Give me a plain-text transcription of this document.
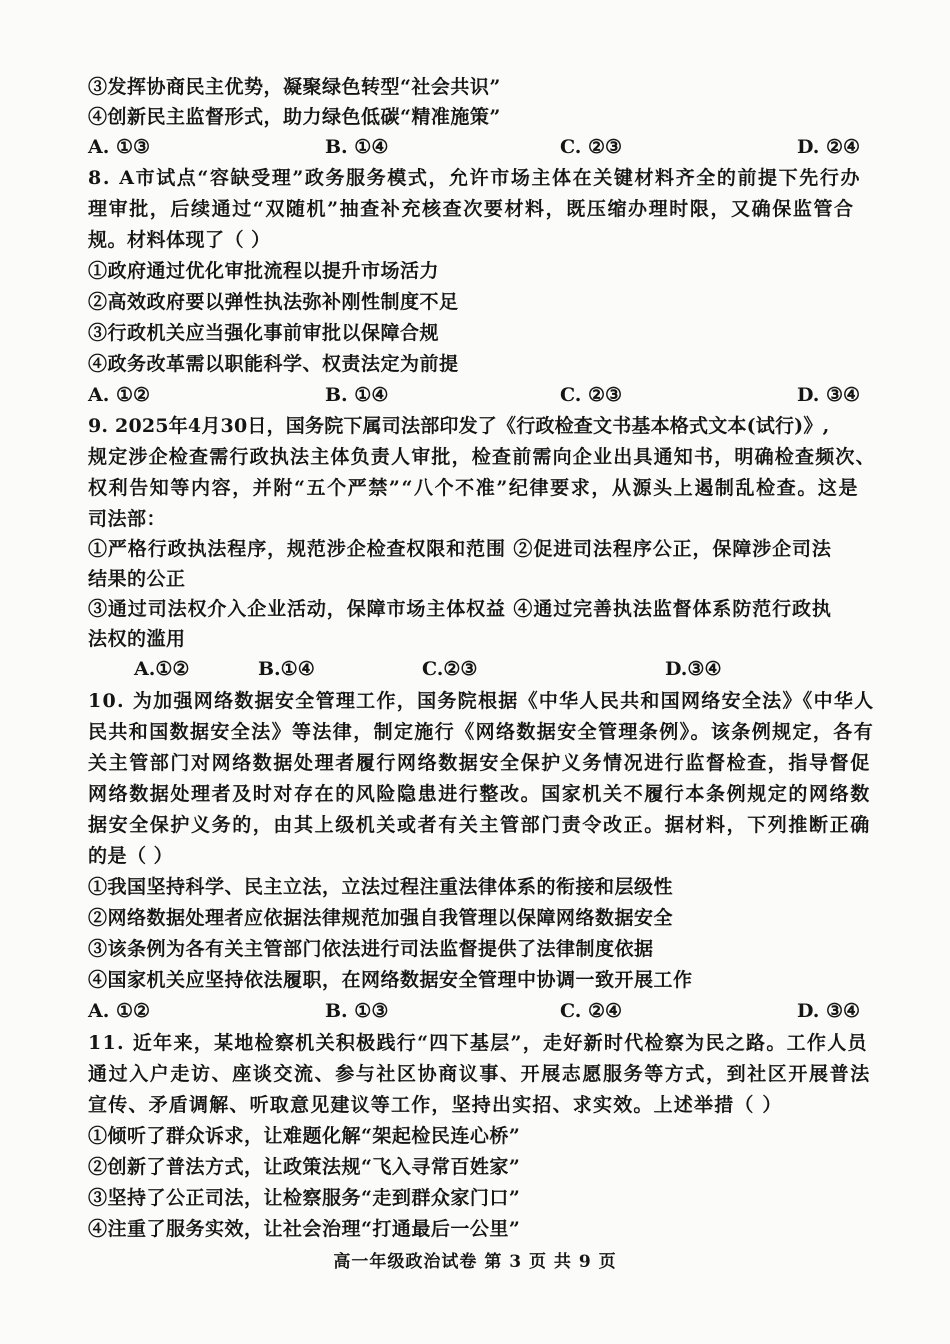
③发挥协商民主优势，凝聚绿色转型“社会共识”
④创新民主监督形式，助力绿色低碳“精准施策”
A. ①③	B. ①④	C. ②③	D. ②④
8. A市试点“容缺受理”政务服务模式，允许市场主体在关键材料齐全的前提下先行办
理审批，后续通过“双随机”抽查补充核查次要材料，既压缩办理时限，又确保监管合
规。材料体现了（ ）
①政府通过优化审批流程以提升市场活力
②高效政府要以弹性执法弥补刚性制度不足
③行政机关应当强化事前审批以保障合规
④政务改革需以职能科学、权责法定为前提
A. ①②	B. ①④	C. ②③	D. ③④
9. 2025年4月30日，国务院下属司法部印发了《行政检查文书基本格式文本(试行)》,
规定涉企检查需行政执法主体负责人审批，检查前需向企业出具通知书，明确检查频次、
权利告知等内容，并附“五个严禁”“八个不准”纪律要求，从源头上遏制乱检查。这是
司法部：
①严格行政执法程序，规范涉企检查权限和范围 ②促进司法程序公正，保障涉企司法
结果的公正
③通过司法权介入企业活动，保障市场主体权益 ④通过完善执法监督体系防范行政执
法权的滥用
A.①②	B.①④	C.②③	D.③④
10. 为加强网络数据安全管理工作，国务院根据《中华人民共和国网络安全法》《中华人
民共和国数据安全法》等法律，制定施行《网络数据安全管理条例》。该条例规定，各有
关主管部门对网络数据处理者履行网络数据安全保护义务情况进行监督检查，指导督促
网络数据处理者及时对存在的风险隐患进行整改。国家机关不履行本条例规定的网络数
据安全保护义务的，由其上级机关或者有关主管部门责令改正。据材料，下列推断正确
的是（ ）
①我国坚持科学、民主立法，立法过程注重法律体系的衔接和层级性
②网络数据处理者应依据法律规范加强自我管理以保障网络数据安全
③该条例为各有关主管部门依法进行司法监督提供了法律制度依据
④国家机关应坚持依法履职，在网络数据安全管理中协调一致开展工作
A. ①②	B. ①③	C. ②④	D. ③④
11. 近年来，某地检察机关积极践行“四下基层”，走好新时代检察为民之路。工作人员
通过入户走访、座谈交流、参与社区协商议事、开展志愿服务等方式，到社区开展普法
宣传、矛盾调解、听取意见建议等工作，坚持出实招、求实效。上述举措（ ）
①倾听了群众诉求，让难题化解“架起检民连心桥”
②创新了普法方式，让政策法规“飞入寻常百姓家”
③坚持了公正司法，让检察服务“走到群众家门口”
④注重了服务实效，让社会治理“打通最后一公里”
高一年级政治试卷 第 3 页 共 9 页
